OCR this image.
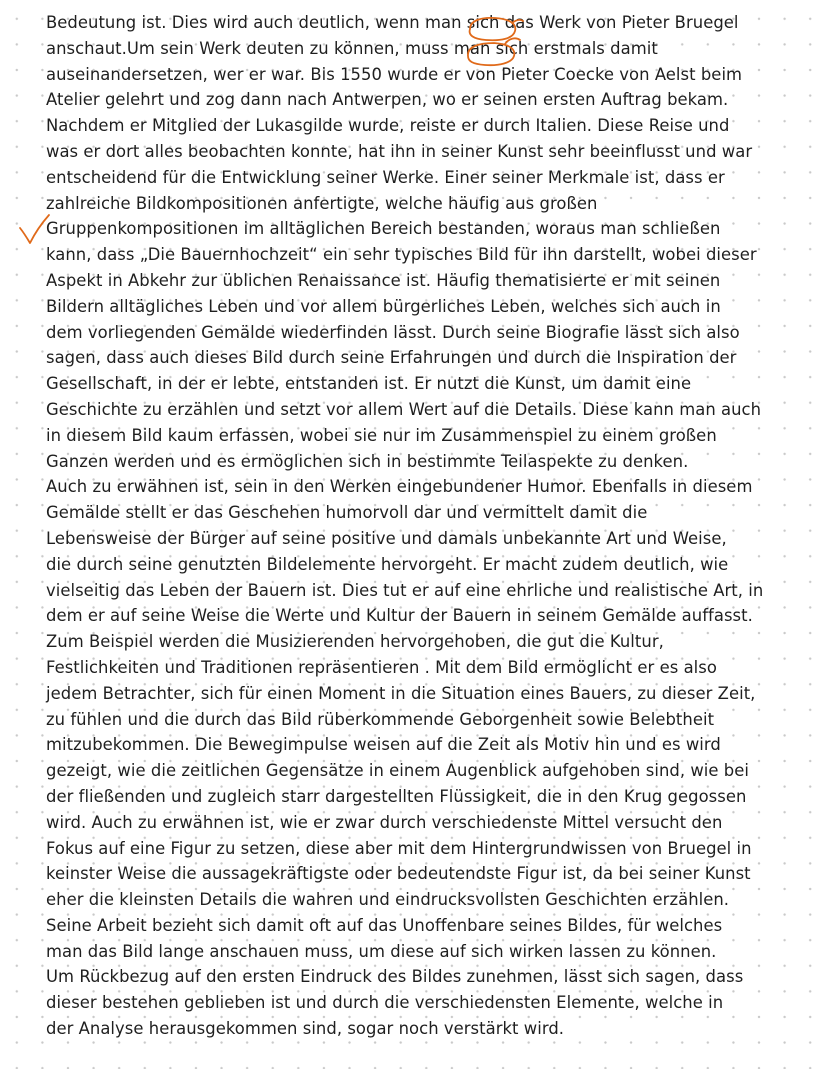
Bedeutung ist. Dies wird auch deutlich, wenn man sich das Werk von Pieter Bruegel
anschaut.Um sein Werk deuten zu können, muss man sich erstmals damit
auseinandersetzen, wer er war. Bis 1550 wurde er von Pieter Coecke von Aelst beim
Atelier gelehrt und zog dann nach Antwerpen, wo er seinen ersten Auftrag bekam.
Nachdem er Mitglied der Lukasgilde wurde, reiste er durch Italien. Diese Reise und
was er dort alles beobachten konnte, hat ihn in seiner Kunst sehr beeinflusst und war
entscheidend für die Entwicklung seiner Werke. Einer seiner Merkmale ist, dass er
zahlreiche Bildkompositionen anfertigte, welche häufig aus großen
Gruppenkompositionen im alltäglichen Bereich bestanden, woraus man schließen
kann, dass „Die Bauernhochzeit“ ein sehr typisches Bild für ihn darstellt, wobei dieser
Aspekt in Abkehr zur üblichen Renaissance ist. Häufig thematisierte er mit seinen
Bildern alltägliches Leben und vor allem bürgerliches Leben, welches sich auch in
dem vorliegenden Gemälde wiederfinden lässt. Durch seine Biografie lässt sich also
sagen, dass auch dieses Bild durch seine Erfahrungen und durch die Inspiration der
Gesellschaft, in der er lebte, entstanden ist. Er nutzt die Kunst, um damit eine
Geschichte zu erzählen und setzt vor allem Wert auf die Details. Diese kann man auch
in diesem Bild kaum erfassen, wobei sie nur im Zusammenspiel zu einem großen
Ganzen werden und es ermöglichen sich in bestimmte Teilaspekte zu denken.
Auch zu erwähnen ist, sein in den Werken eingebundener Humor. Ebenfalls in diesem
Gemälde stellt er das Geschehen humorvoll dar und vermittelt damit die
Lebensweise der Bürger auf seine positive und damals unbekannte Art und Weise,
die durch seine genutzten Bildelemente hervorgeht. Er macht zudem deutlich, wie
vielseitig das Leben der Bauern ist. Dies tut er auf eine ehrliche und realistische Art, in
dem er auf seine Weise die Werte und Kultur der Bauern in seinem Gemälde auffasst.
Zum Beispiel werden die Musizierenden hervorgehoben, die gut die Kultur,
Festlichkeiten und Traditionen repräsentieren . Mit dem Bild ermöglicht er es also
jedem Betrachter, sich für einen Moment in die Situation eines Bauers, zu dieser Zeit,
zu fühlen und die durch das Bild rüberkommende Geborgenheit sowie Belebtheit
mitzubekommen. Die Bewegimpulse weisen auf die Zeit als Motiv hin und es wird
gezeigt, wie die zeitlichen Gegensätze in einem Augenblick aufgehoben sind, wie bei
der fließenden und zugleich starr dargestellten Flüssigkeit, die in den Krug gegossen
wird. Auch zu erwähnen ist, wie er zwar durch verschiedenste Mittel versucht den
Fokus auf eine Figur zu setzen, diese aber mit dem Hintergrundwissen von Bruegel in
keinster Weise die aussagekräftigste oder bedeutendste Figur ist, da bei seiner Kunst
eher die kleinsten Details die wahren und eindrucksvollsten Geschichten erzählen.
Seine Arbeit bezieht sich damit oft auf das Unoffenbare seines Bildes, für welches
man das Bild lange anschauen muss, um diese auf sich wirken lassen zu können.
Um Rückbezug auf den ersten Eindruck des Bildes zunehmen, lässt sich sagen, dass
dieser bestehen geblieben ist und durch die verschiedensten Elemente, welche in
der Analyse herausgekommen sind, sogar noch verstärkt wird.
